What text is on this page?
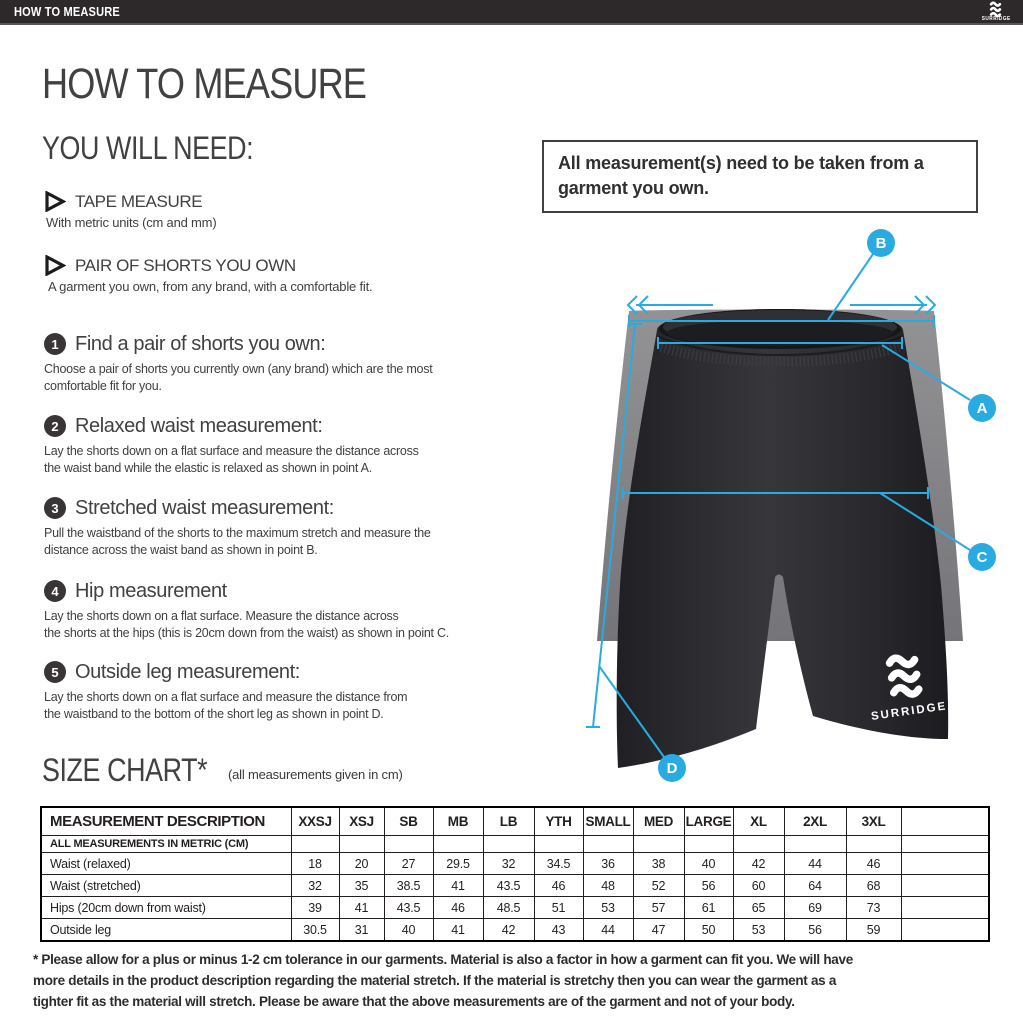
HOW TO MEASURE	SURRIDGE
HOW TO MEASURE
YOU WILL NEED:
TAPE MEASURE
With metric units (cm and mm)
PAIR OF SHORTS YOU OWN
A garment you own, from any brand, with a comfortable fit.
1 Find a pair of shorts you own:
Choose a pair of shorts you currently own (any brand) which are the most
comfortable fit for you.
2 Relaxed waist measurement:
Lay the shorts down on a flat surface and measure the distance across
the waist band while the elastic is relaxed as shown in point A.
3 Stretched waist measurement:
Pull the waistband of the shorts to the maximum stretch and measure the
distance across the waist band as shown in point B.
4 Hip measurement
Lay the shorts down on a flat surface. Measure the distance across
the shorts at the hips (this is 20cm down from the waist) as shown in point C.
5 Outside leg measurement:
Lay the shorts down on a flat surface and measure the distance from
the waistband to the bottom of the short leg as shown in point D.
All measurement(s) need to be taken from a
garment you own.
SURRIDGE
B
A
C
D
SIZE CHART* (all measurements given in cm)
MEASUREMENT DESCRIPTION	XXSJ	XSJ	SB	MB	LB	YTH	SMALL	MED	LARGE	XL	2XL	3XL	
ALL MEASUREMENTS IN METRIC (CM)													
Waist (relaxed)	18	20	27	29.5	32	34.5	36	38	40	42	44	46	
Waist (stretched)	32	35	38.5	41	43.5	46	48	52	56	60	64	68	
Hips (20cm down from waist)	39	41	43.5	46	48.5	51	53	57	61	65	69	73	
Outside leg	30.5	31	40	41	42	43	44	47	50	53	56	59	
* Please allow for a plus or minus 1-2 cm tolerance in our garments. Material is also a factor in how a garment can fit you. We will have
more details in the product description regarding the material stretch. If the material is stretchy then you can wear the garment as a
tighter fit as the material will stretch. Please be aware that the above measurements are of the garment and not of your body.
